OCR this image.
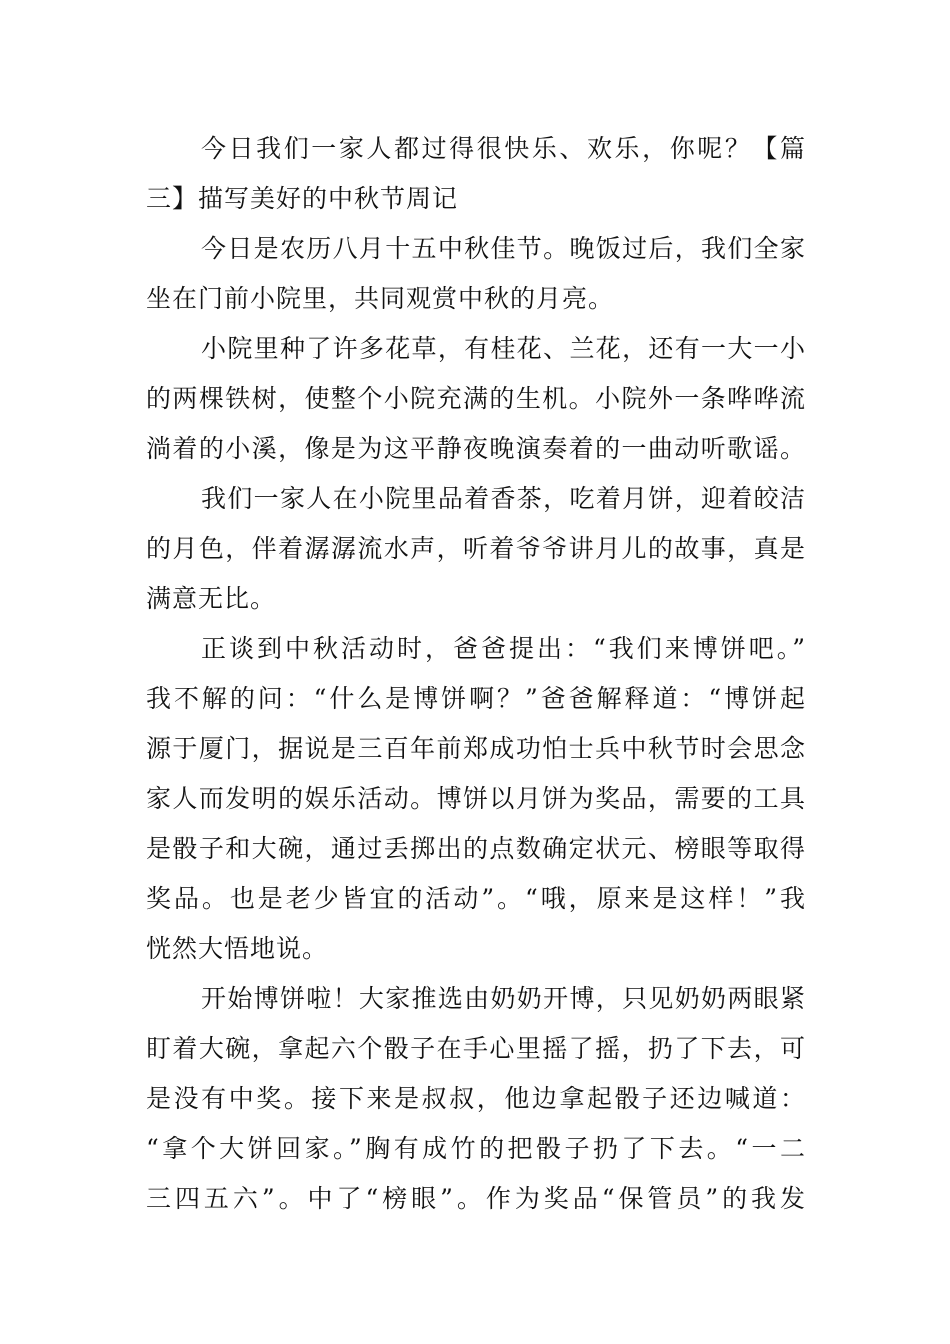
今日我们一家人都过得很快乐、欢乐，你呢？【篇
三】描写美好的中秋节周记
今日是农历八月十五中秋佳节。晚饭过后，我们全家
坐在门前小院里，共同观赏中秋的月亮。
小院里种了许多花草，有桂花、兰花，还有一大一小
的两棵铁树，使整个小院充满的生机。小院外一条哗哗流
淌着的小溪，像是为这平静夜晚演奏着的一曲动听歌谣。
我们一家人在小院里品着香茶，吃着月饼，迎着皎洁
的月色，伴着潺潺流水声，听着爷爷讲月儿的故事，真是
满意无比。
正谈到中秋活动时，爸爸提出：“我们来博饼吧。”
我不解的问：“什么是博饼啊？”爸爸解释道：“博饼起
源于厦门，据说是三百年前郑成功怕士兵中秋节时会思念
家人而发明的娱乐活动。博饼以月饼为奖品，需要的工具
是骰子和大碗，通过丢掷出的点数确定状元、榜眼等取得
奖品。也是老少皆宜的活动”。“哦，原来是这样！”我
恍然大悟地说。
开始博饼啦！大家推选由奶奶开博，只见奶奶两眼紧
盯着大碗，拿起六个骰子在手心里摇了摇，扔了下去，可
是没有中奖。接下来是叔叔，他边拿起骰子还边喊道：
“拿个大饼回家。”胸有成竹的把骰子扔了下去。“一二
三四五六”。中了“榜眼”。作为奖品“保管员”的我发
